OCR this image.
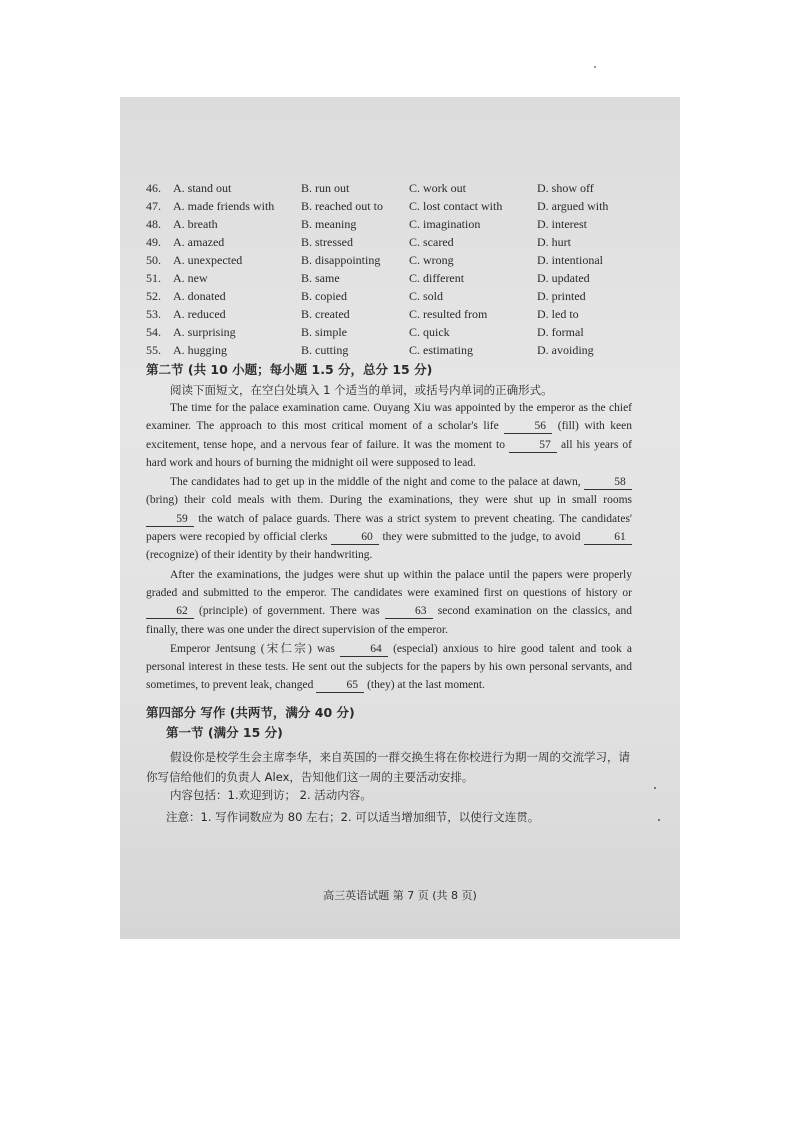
46. A. stand out	B. run out	C. work out	D. show off
47. A. made friends with B. reached out to C. lost contact with	D. argued with
48. A. breath	B. meaning	C. imagination	D. interest
49. A. amazed	B. stressed	C. scared	D. hurt
50. A. unexpected	B. disappointing C. wrong	D. intentional
51. A. new	B. same	C. different	D. updated
52. A. donated	B. copied	C. sold	D. printed
53. A. reduced	B. created	C. resulted from	D. led to
54. A. surprising	B. simple	C. quick	D. formal
55. A. hugging	B. cutting	C. estimating	D. avoiding
第二节 (共 10 小题；每小题 1.5 分，总分 15 分)
阅读下面短文，在空白处填入 1 个适当的单词，或括号内单词的正确形式。

The time for the palace examination came. Ouyang Xiu was appointed by the emperor as the chief examiner. The approach to this most critical moment of a scholar's life	56 (fill) with keen excitement, tense hope, and a nervous fear of failure. It was the moment to	57 all his years of hard work and hours of burning the midnight oil were supposed to lead.

The candidates had to get up in the middle of the night and come to the palace at dawn,	58 (bring) their cold meals with them. During the examinations, they were shut up in small rooms 59 the watch of palace guards. There was a strict system to prevent cheating. The candidates' papers were recopied by official clerks	60 they were submitted to the judge, to avoid	61 (recognize) of their identity by their handwriting.

After the examinations, the judges were shut up within the palace until the papers were properly graded and submitted to the emperor. The candidates were examined first on questions of history or 62 (principle) of government. There was	63 second examination on the classics, and finally, there was one under the direct supervision of the emperor.

Emperor Jentsung (宋仁宗) was	64 (especial) anxious to hire good talent and took a personal interest in these tests. He sent out the subjects for the papers by his own personal servants, and sometimes, to prevent leak, changed	65 (they) at the last moment.

第四部分 写作 (共两节，满分 40 分)
第一节 (满分 15 分)
假设你是校学生会主席李华，来自英国的一群交换生将在你校进行为期一周的交流学习，请你写信给他们的负责人 Alex，告知他们这一周的主要活动安排。
内容包括：1.欢迎到访； 2. 活动内容。
注意：1. 写作词数应为 80 左右；2. 可以适当增加细节，以使行文连贯。
高三英语试题 第 7 页 (共 8 页)
